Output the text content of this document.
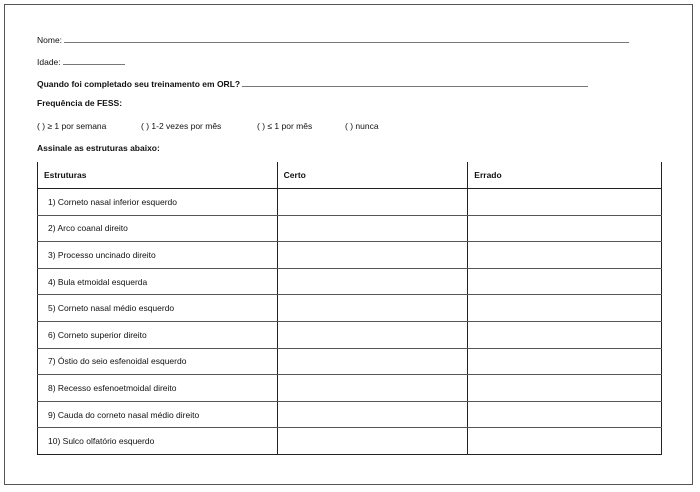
Nome:
Idade:
Quando foi completado seu treinamento em ORL?
Frequência de FESS:
( ) ≥ 1 por semana	( ) 1-2 vezes por mês	( ) ≤ 1 por mês	( ) nunca
Assinale as estruturas abaixo:
Estruturas	Certo	Errado
1) Corneto nasal inferior esquerdo		
2) Arco coanal direito		
3) Processo uncinado direito		
4) Bula etmoidal esquerda		
5) Corneto nasal médio esquerdo		
6) Corneto superior direito		
7) Óstio do seio esfenoidal esquerdo		
8) Recesso esfenoetmoidal direito		
9) Cauda do corneto nasal médio direito		
10) Sulco olfatório esquerdo		
